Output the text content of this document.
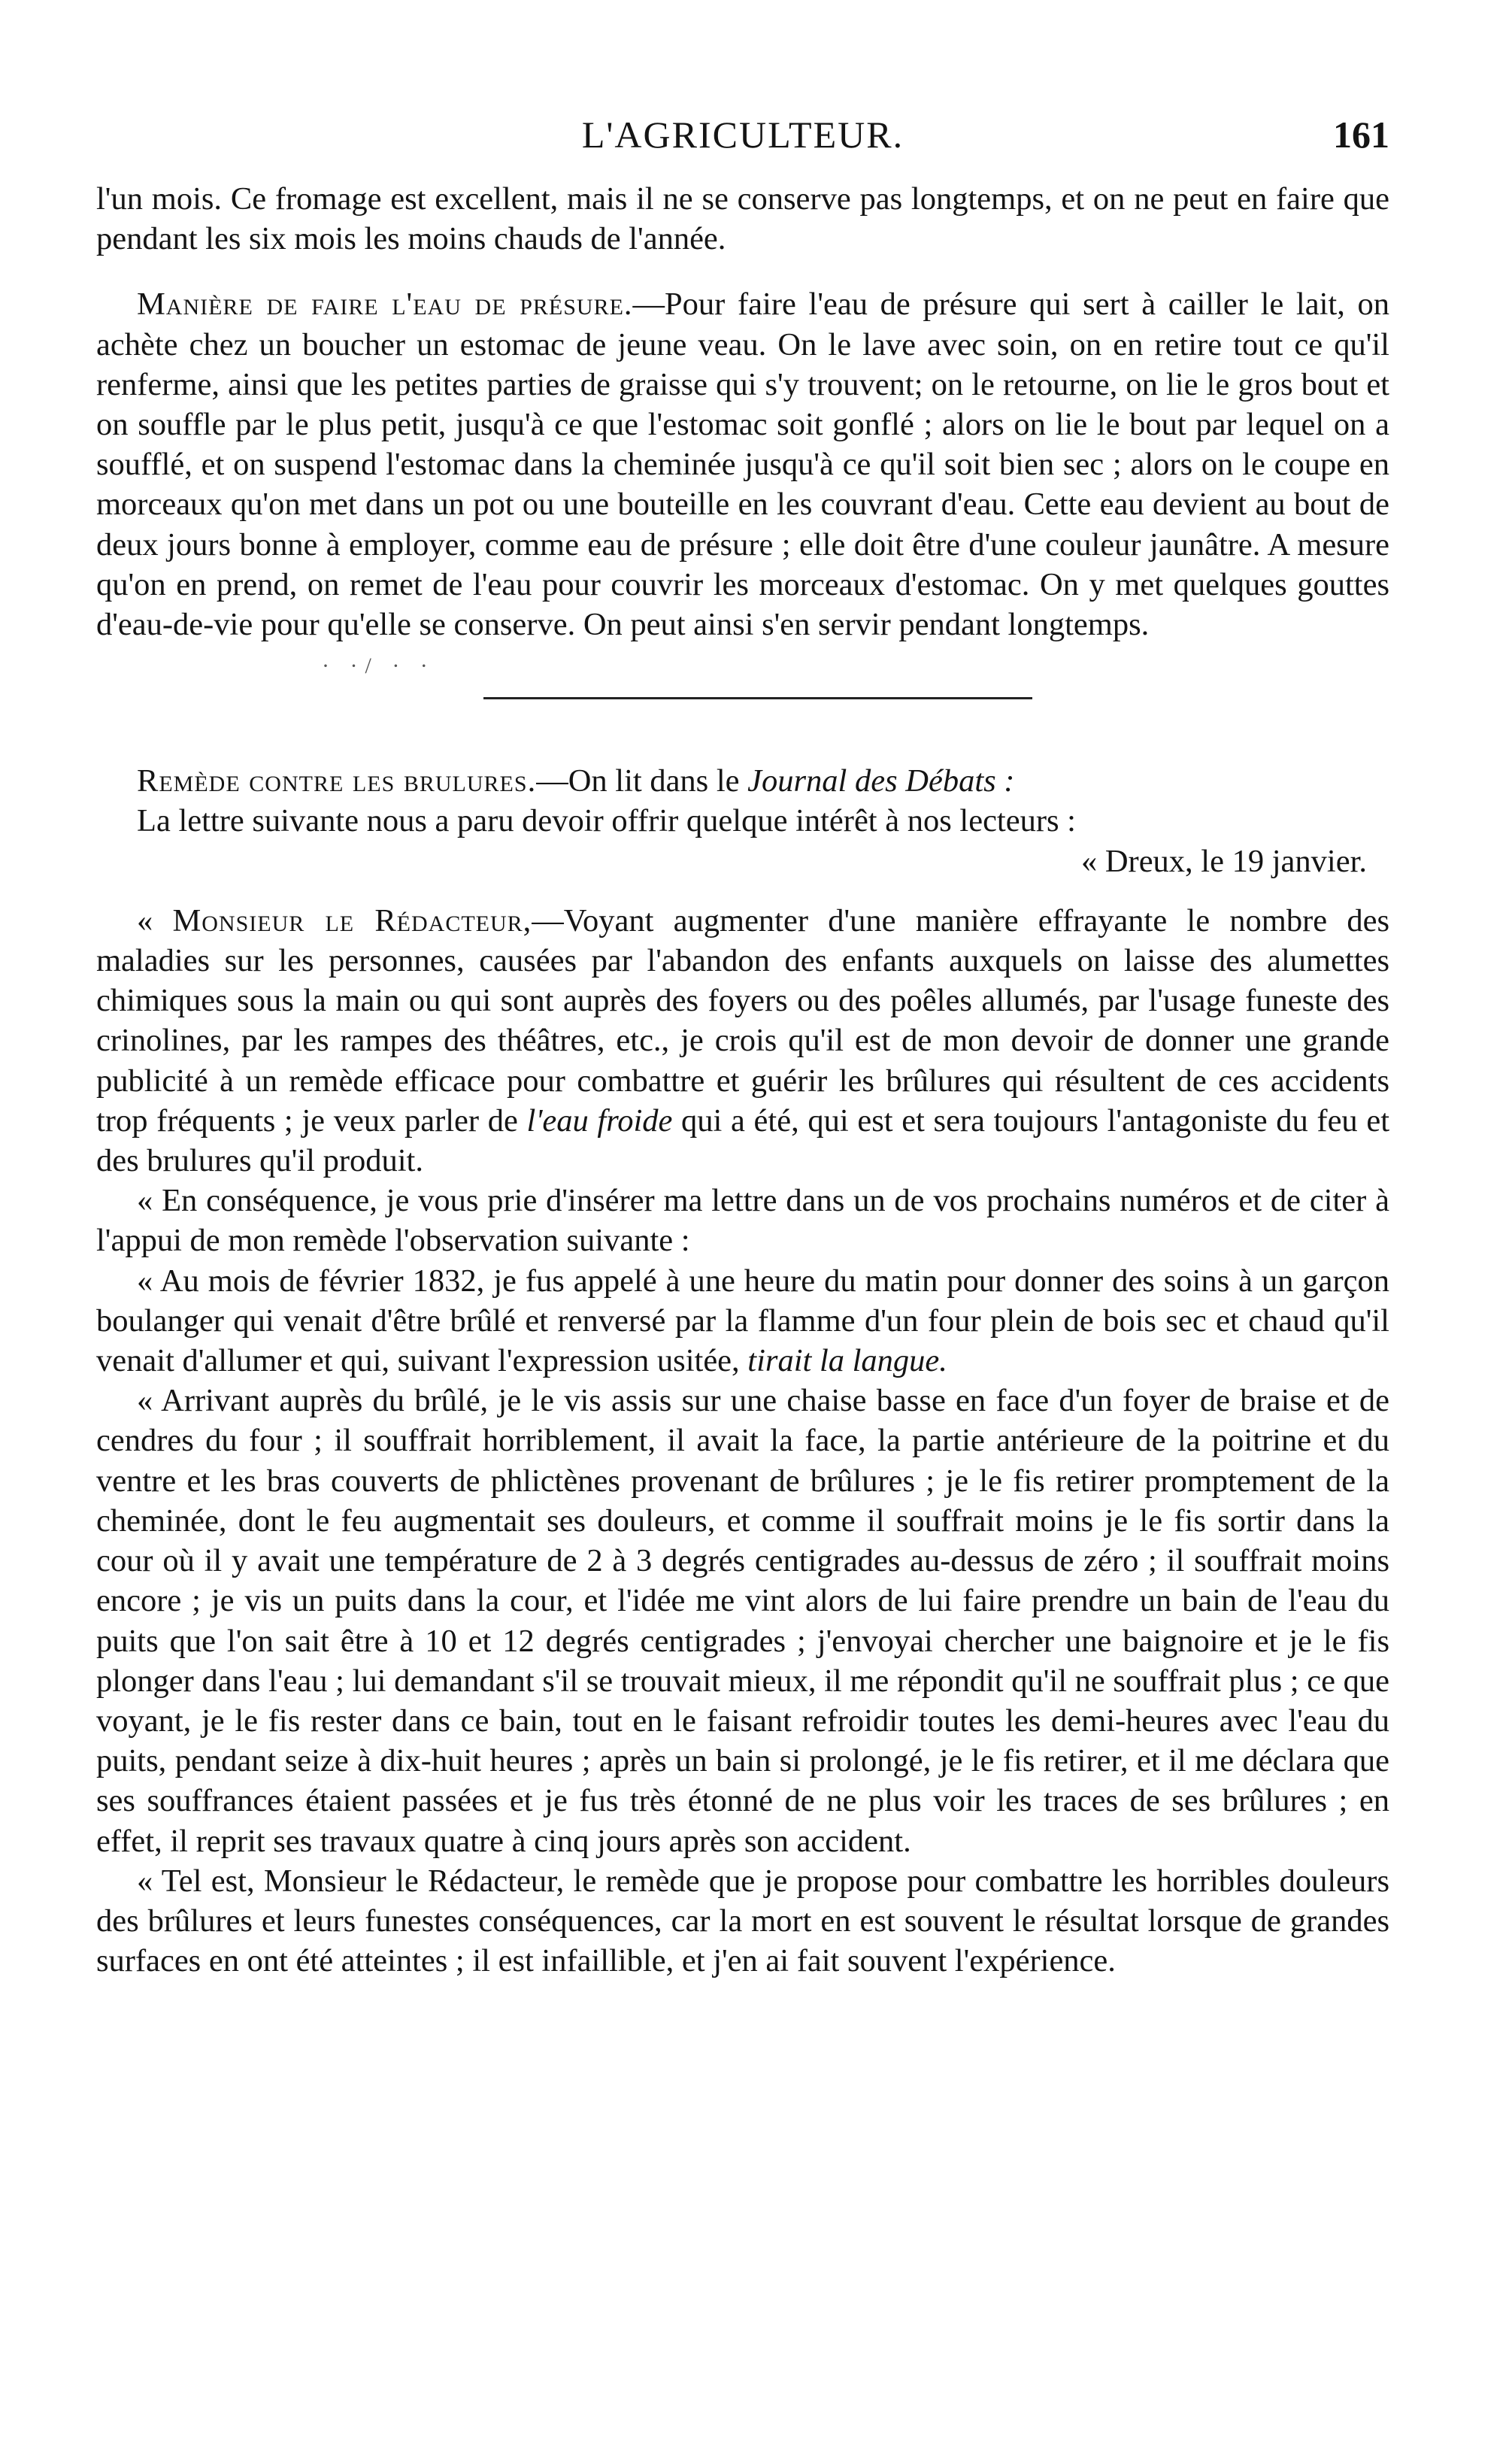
L'AGRICULTEUR.	161

l'un mois. Ce fromage est excellent, mais il ne se conserve pas longtemps, et on ne peut en faire que pendant les six mois les moins chauds de l'année.

Manière de faire l'eau de présure.—Pour faire l'eau de présure qui sert à cailler le lait, on achète chez un boucher un estomac de jeune veau. On le lave avec soin, on en retire tout ce qu'il renferme, ainsi que les petites parties de graisse qui s'y trouvent; on le retourne, on lie le gros bout et on souffle par le plus petit, jusqu'à ce que l'estomac soit gonflé ; alors on lie le bout par lequel on a soufflé, et on suspend l'estomac dans la cheminée jusqu'à ce qu'il soit bien sec ; alors on le coupe en morceaux qu'on met dans un pot ou une bouteille en les couvrant d'eau. Cette eau devient au bout de deux jours bonne à employer, comme eau de présure ; elle doit être d'une couleur jaunâtre. A mesure qu'on en prend, on remet de l'eau pour couvrir les morceaux d'estomac. On y met quelques gouttes d'eau-de-vie pour qu'elle se conserve. On peut ainsi s'en servir pendant longtemps.

· ·/ · ·

Remède contre les brulures.—On lit dans le Journal des Débats :

La lettre suivante nous a paru devoir offrir quelque intérêt à nos lecteurs :

« Dreux, le 19 janvier.

« Monsieur le Rédacteur,—Voyant augmenter d'une manière effrayante le nombre des maladies sur les personnes, causées par l'abandon des enfants auxquels on laisse des alumettes chimiques sous la main ou qui sont auprès des foyers ou des poêles allumés, par l'usage funeste des crinolines, par les rampes des théâtres, etc., je crois qu'il est de mon devoir de donner une grande publicité à un remède efficace pour combattre et guérir les brûlures qui résultent de ces accidents trop fréquents ; je veux parler de l'eau froide qui a été, qui est et sera toujours l'antagoniste du feu et des brulures qu'il produit.

« En conséquence, je vous prie d'insérer ma lettre dans un de vos prochains numéros et de citer à l'appui de mon remède l'observation suivante :

« Au mois de février 1832, je fus appelé à une heure du matin pour donner des soins à un garçon boulanger qui venait d'être brûlé et renversé par la flamme d'un four plein de bois sec et chaud qu'il venait d'allumer et qui, suivant l'expression usitée, tirait la langue.

« Arrivant auprès du brûlé, je le vis assis sur une chaise basse en face d'un foyer de braise et de cendres du four ; il souffrait horriblement, il avait la face, la partie antérieure de la poitrine et du ventre et les bras couverts de phlictènes provenant de brûlures ; je le fis retirer promptement de la cheminée, dont le feu augmentait ses douleurs, et comme il souffrait moins je le fis sortir dans la cour où il y avait une température de 2 à 3 degrés centigrades au-dessus de zéro ; il souffrait moins encore ; je vis un puits dans la cour, et l'idée me vint alors de lui faire prendre un bain de l'eau du puits que l'on sait être à 10 et 12 degrés centigrades ; j'envoyai chercher une baignoire et je le fis plonger dans l'eau ; lui demandant s'il se trouvait mieux, il me répondit qu'il ne souffrait plus ; ce que voyant, je le fis rester dans ce bain, tout en le faisant refroidir toutes les demi-heures avec l'eau du puits, pendant seize à dix-huit heures ; après un bain si prolongé, je le fis retirer, et il me déclara que ses souffrances étaient passées et je fus très étonné de ne plus voir les traces de ses brûlures ; en effet, il reprit ses travaux quatre à cinq jours après son accident.

« Tel est, Monsieur le Rédacteur, le remède que je propose pour combattre les horribles douleurs des brûlures et leurs funestes conséquences, car la mort en est souvent le résultat lorsque de grandes surfaces en ont été atteintes ; il est infaillible, et j'en ai fait souvent l'expérience.
